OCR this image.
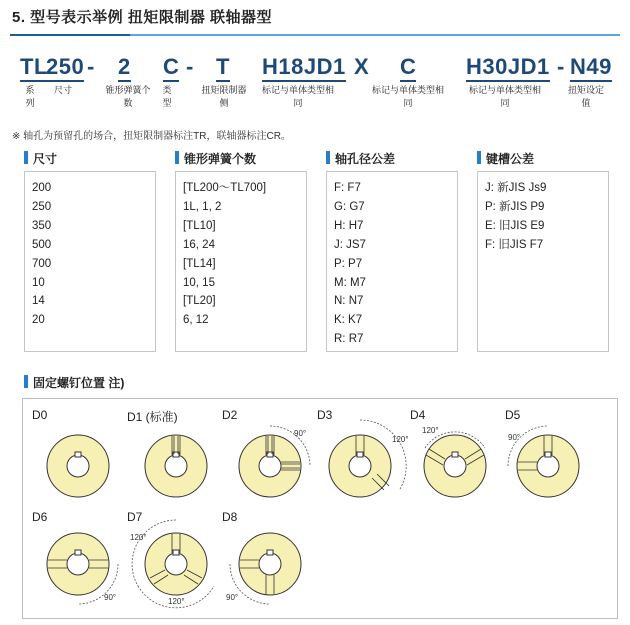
5. 型号表示举例 扭矩限制器 联轴器型
TL
250 - 2 C - T H18JD1 X C H30JD1 - N49
系 列
尺寸	锥形弹簧个
数
类
型
扭矩限制器
侧
标记与单体类型相
同
标记与单体类型相
同
标记与单体类型相
同
扭矩设定
值
※ 轴孔为预留孔的场合，扭矩限制器标注TR，联轴器标注CR。
尺寸	锥形弹簧个数	轴孔径公差	键槽公差
200
250
350
500
700
10
14
20
[TL200～TL700]
1L, 1, 2
[TL10]
16, 24
[TL14]
10, 15
[TL20]
6, 12
F: F7
G: G7
H: H7
J: JS7
P: P7
M: M7
N: N7
K: K7
R: R7
J: 新JIS Js9
P: 新JIS P9
E: 旧JIS E9
F: 旧JIS F7
固定螺钉位置 注)
D0	D1 (标准)	D2	D3	D4	D5
D6	D7	D8
90°
120°
120°
90°
90°
120°
120°	90°
